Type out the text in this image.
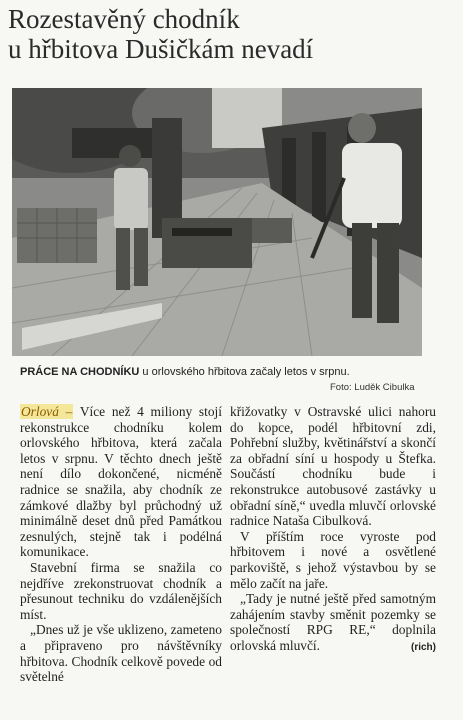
Rozestavěný chodník
u hřbitova Dušičkám nevadí
PRÁCE NA CHODNÍKU u orlovského hřbitova začaly letos v srpnu.
Foto: Luděk Cibulka

Orlová – Více než 4 miliony stojí rekonstrukce chodníku kolem orlovského hřbitova, která začala letos v srpnu. V těchto dnech ještě není dílo dokončené, nicméně radnice se snažila, aby chodník ze zámkové dlažby byl průchodný už minimálně deset dnů před Památkou zesnulých, stejně tak i podélná komunikace.

Stavební firma se snažila co nejdříve zrekonstruovat chodník a přesunout techniku do vzdálenějších míst.

„Dnes už je vše uklizeno, zameteno a připraveno pro návštěvníky hřbitova. Chodník celkově povede od světelné

křižovatky v Ostravské ulici nahoru do kopce, podél hřbitovní zdi, Pohřební služby, květinářství a skončí za obřadní síní u hospody u Štefka. Součástí chodníku bude i rekonstrukce autobusové zastávky u obřadní síně,“ uvedla mluvčí orlovské radnice Nataša Cibulková.

V příštím roce vyroste pod hřbitovem i nové a osvětlené parkoviště, s jehož výstavbou by se mělo začít na jaře.

„Tady je nutné ještě před samotným zahájením stavby směnit pozemky se společností RPG RE,“ doplnila orlovská mluvčí.	(rich)
